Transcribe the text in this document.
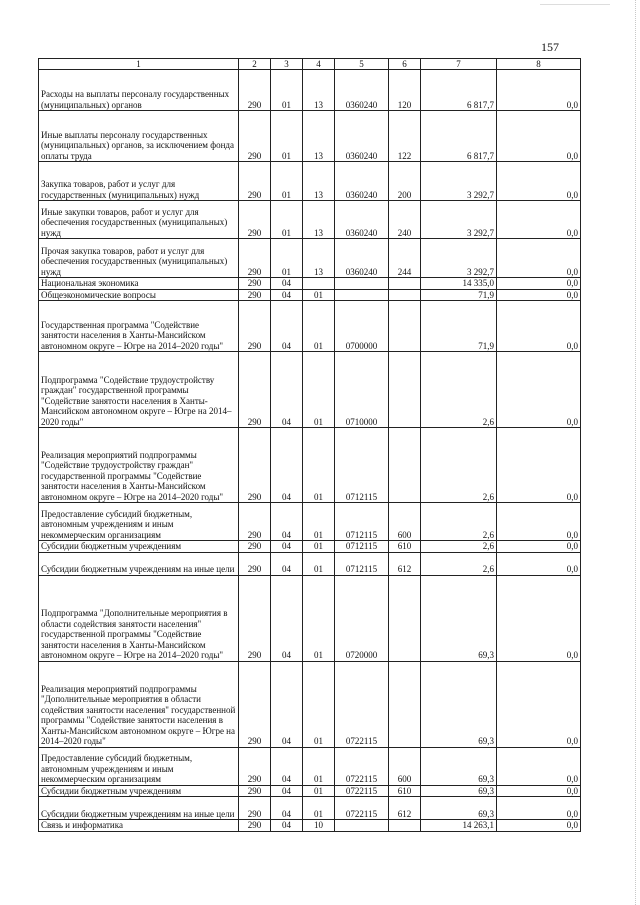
157
1	2	3	4	5	6	7	8
Расходы на выплаты персоналу государственных (муниципальных) органов	290	01	13	0360240	120	6 817,7	0,0
Иные выплаты персоналу государственных (муниципальных) органов, за исключением фонда оплаты труда	290	01	13	0360240	122	6 817,7	0,0
Закупка товаров, работ и услуг для государственных (муниципальных) нужд	290	01	13	0360240	200	3 292,7	0,0
Иные закупки товаров, работ и услуг для обеспечения государственных (муниципальных) нужд	290	01	13	0360240	240	3 292,7	0,0
Прочая закупка товаров, работ и услуг для обеспечения государственных (муниципальных) нужд	290	01	13	0360240	244	3 292,7	0,0
Национальная экономика	290	04				14 335,0	0,0
Общеэкономические вопросы	290	04	01			71,9	0,0
Государственная программа "Содействие занятости населения в Ханты-Мансийском автономном округе – Югре на 2014–2020 годы"	290	04	01	0700000		71,9	0,0
Подпрограмма "Содействие трудоустройству граждан" государственной программы "Содействие занятости населения в Ханты-Мансийском автономном округе – Югре на 2014–2020 годы"	290	04	01	0710000		2,6	0,0
Реализация мероприятий подпрограммы "Содействие трудоустройству граждан" государственной программы "Содействие занятости населения в Ханты-Мансийском автономном округе – Югре на 2014–2020 годы"	290	04	01	0712115		2,6	0,0
Предоставление субсидий бюджетным, автономным учреждениям и иным некоммерческим организациям	290	04	01	0712115	600	2,6	0,0
Субсидии бюджетным учреждениям	290	04	01	0712115	610	2,6	0,0
Субсидии бюджетным учреждениям на иные цели	290	04	01	0712115	612	2,6	0,0
Подпрограмма "Дополнительные мероприятия в области содействия занятости населения" государственной программы "Содействие занятости населения в Ханты-Мансийском автономном округе – Югре на 2014–2020 годы"	290	04	01	0720000		69,3	0,0
Реализация мероприятий подпрограммы "Дополнительные мероприятия в области содействия занятости населения" государственной программы "Содействие занятости населения в Ханты-Мансийском автономном округе – Югре на 2014–2020 годы"	290	04	01	0722115		69,3	0,0
Предоставление субсидий бюджетным, автономным учреждениям и иным некоммерческим организациям	290	04	01	0722115	600	69,3	0,0
Субсидии бюджетным учреждениям	290	04	01	0722115	610	69,3	0,0
Субсидии бюджетным учреждениям на иные цели	290	04	01	0722115	612	69,3	0,0
Связь и информатика	290	04	10			14 263,1	0,0
